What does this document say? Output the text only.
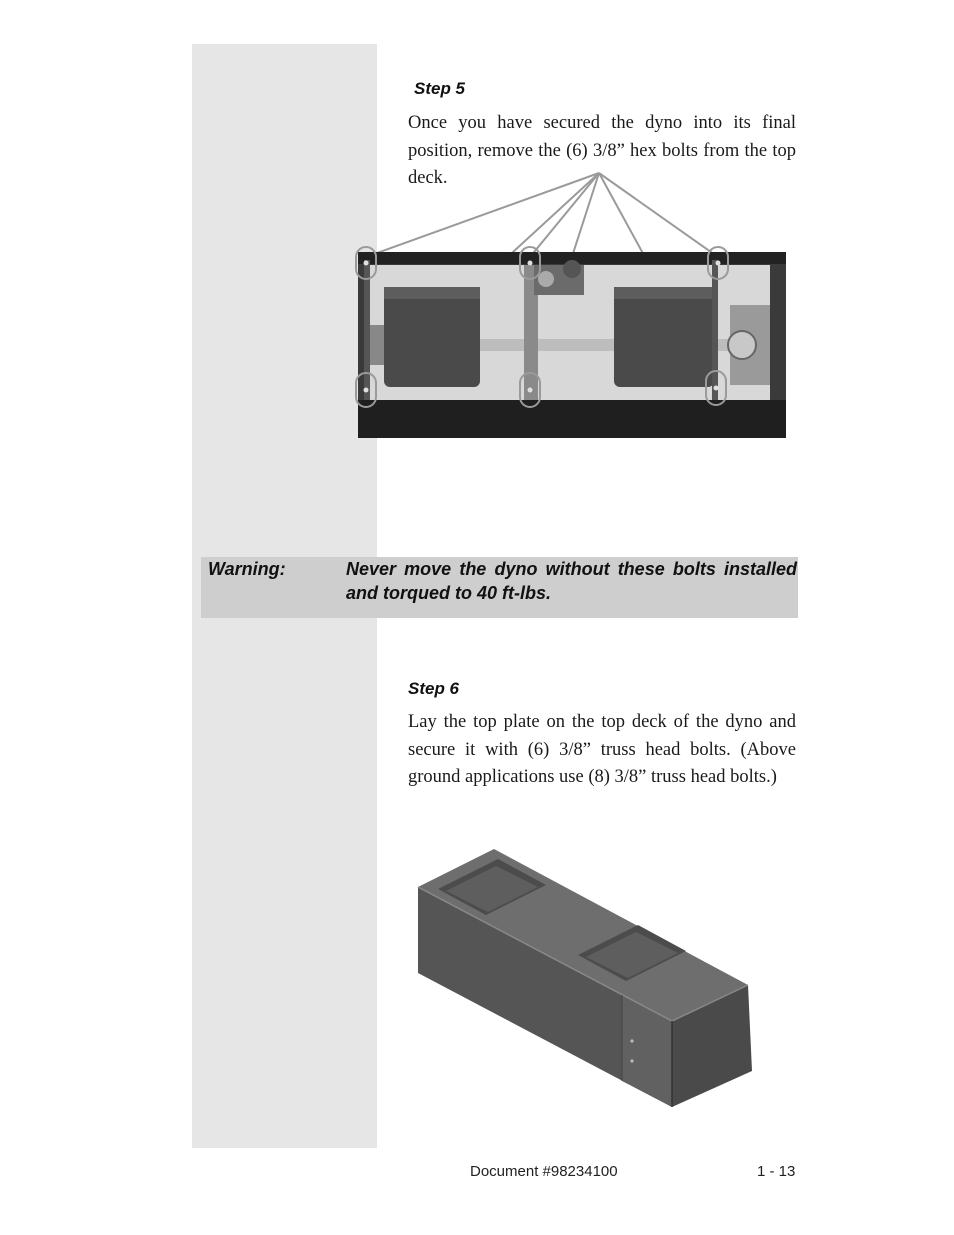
Step 5
Once you have secured the dyno into its final position, remove the (6) 3/8” hex bolts from the top deck.
Warning:	Never move the dyno without these bolts installed and torqued to 40 ft-lbs.
Step 6
Lay the top plate on the top deck of the dyno and secure it with (6) 3/8” truss head bolts. (Above ground applications use (8) 3/8” truss head bolts.)
Document #98234100	1 - 13
